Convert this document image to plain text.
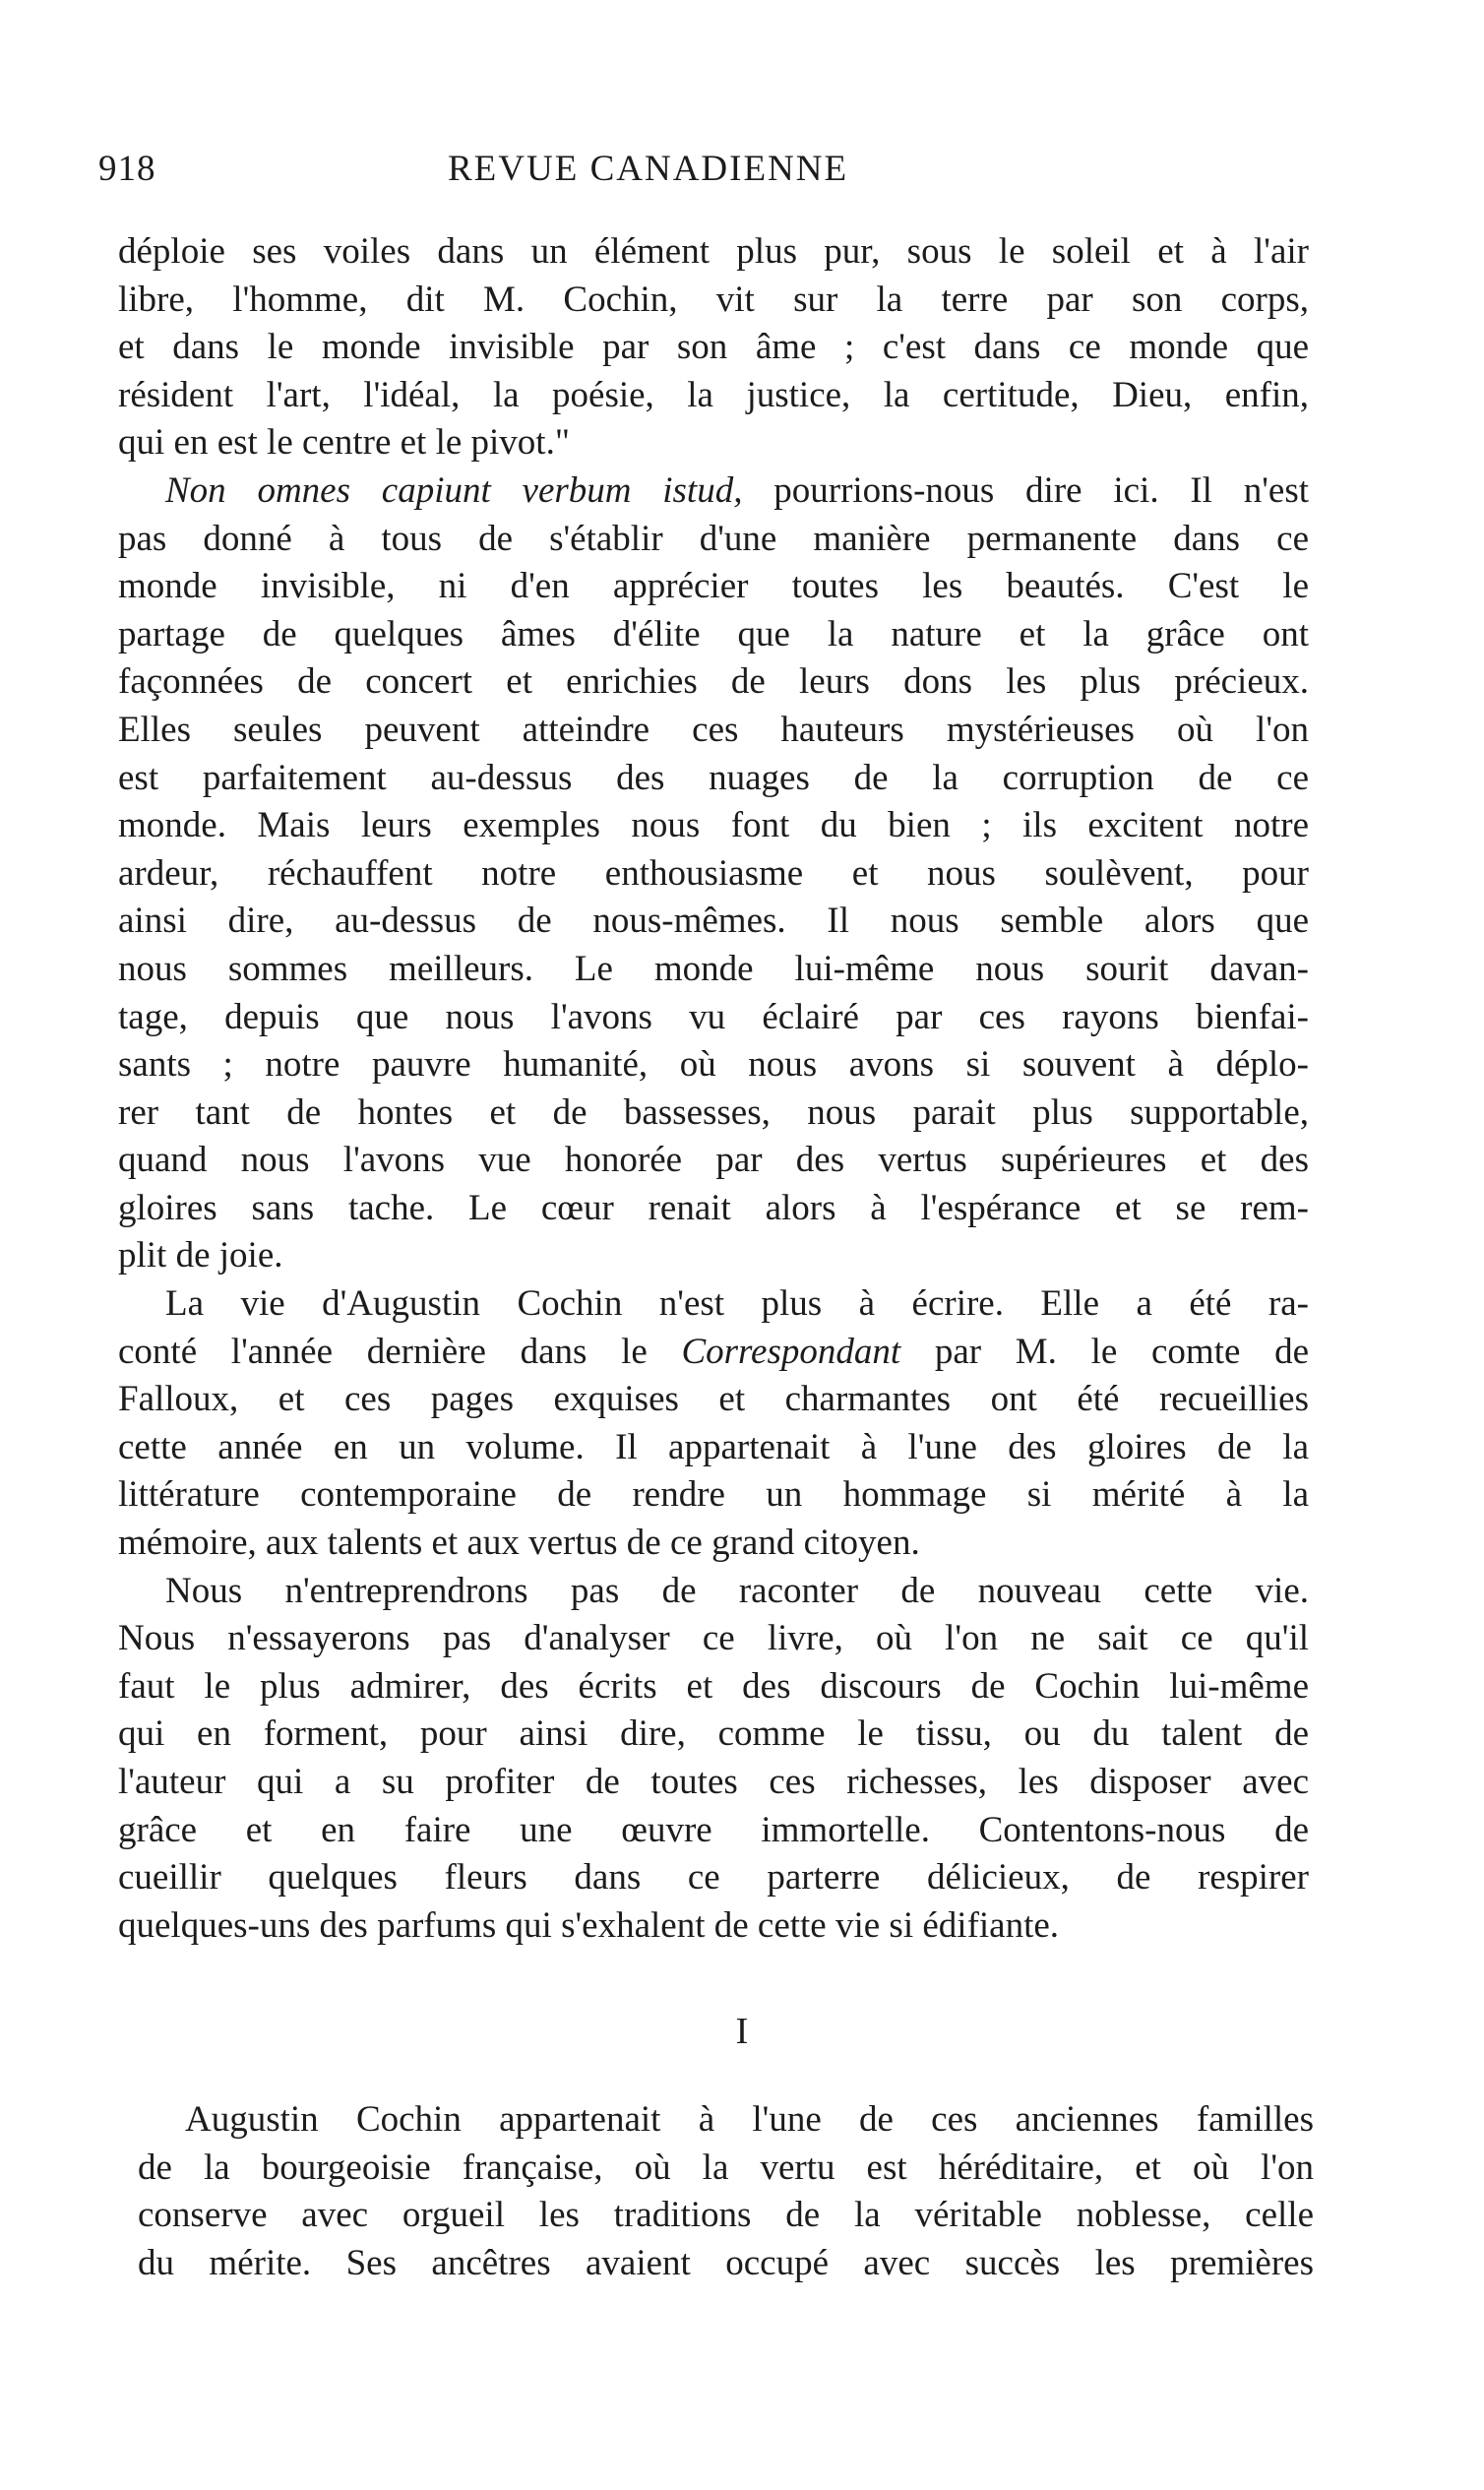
918	REVUE CANADIENNE
déploie ses voiles dans un élément plus pur, sous le soleil et à l'air
libre, l'homme, dit M. Cochin, vit sur la terre par son corps,
et dans le monde invisible par son âme ; c'est dans ce monde que
résident l'art, l'idéal, la poésie, la justice, la certitude, Dieu, enfin,
qui en est le centre et le pivot."
Non omnes capiunt verbum istud, pourrions-nous dire ici. Il n'est
pas donné à tous de s'établir d'une manière permanente dans ce
monde invisible, ni d'en apprécier toutes les beautés. C'est le
partage de quelques âmes d'élite que la nature et la grâce ont
façonnées de concert et enrichies de leurs dons les plus précieux.
Elles seules peuvent atteindre ces hauteurs mystérieuses où l'on
est parfaitement au-dessus des nuages de la corruption de ce
monde. Mais leurs exemples nous font du bien ; ils excitent notre
ardeur, réchauffent notre enthousiasme et nous soulèvent, pour
ainsi dire, au-dessus de nous-mêmes. Il nous semble alors que
nous sommes meilleurs. Le monde lui-même nous sourit davan-
tage, depuis que nous l'avons vu éclairé par ces rayons bienfai-
sants ; notre pauvre humanité, où nous avons si souvent à déplo-
rer tant de hontes et de bassesses, nous parait plus supportable,
quand nous l'avons vue honorée par des vertus supérieures et des
gloires sans tache. Le cœur renait alors à l'espérance et se rem-
plit de joie.
La vie d'Augustin Cochin n'est plus à écrire. Elle a été ra-
conté l'année dernière dans le Correspondant par M. le comte de
Falloux, et ces pages exquises et charmantes ont été recueillies
cette année en un volume. Il appartenait à l'une des gloires de la
littérature contemporaine de rendre un hommage si mérité à la
mémoire, aux talents et aux vertus de ce grand citoyen.
Nous n'entreprendrons pas de raconter de nouveau cette vie.
Nous n'essayerons pas d'analyser ce livre, où l'on ne sait ce qu'il
faut le plus admirer, des écrits et des discours de Cochin lui-même
qui en forment, pour ainsi dire, comme le tissu, ou du talent de
l'auteur qui a su profiter de toutes ces richesses, les disposer avec
grâce et en faire une œuvre immortelle. Contentons-nous de
cueillir quelques fleurs dans ce parterre délicieux, de respirer
quelques-uns des parfums qui s'exhalent de cette vie si édifiante.
I
Augustin Cochin appartenait à l'une de ces anciennes familles
de la bourgeoisie française, où la vertu est héréditaire, et où l'on
conserve avec orgueil les traditions de la véritable noblesse, celle
du mérite. Ses ancêtres avaient occupé avec succès les premières
